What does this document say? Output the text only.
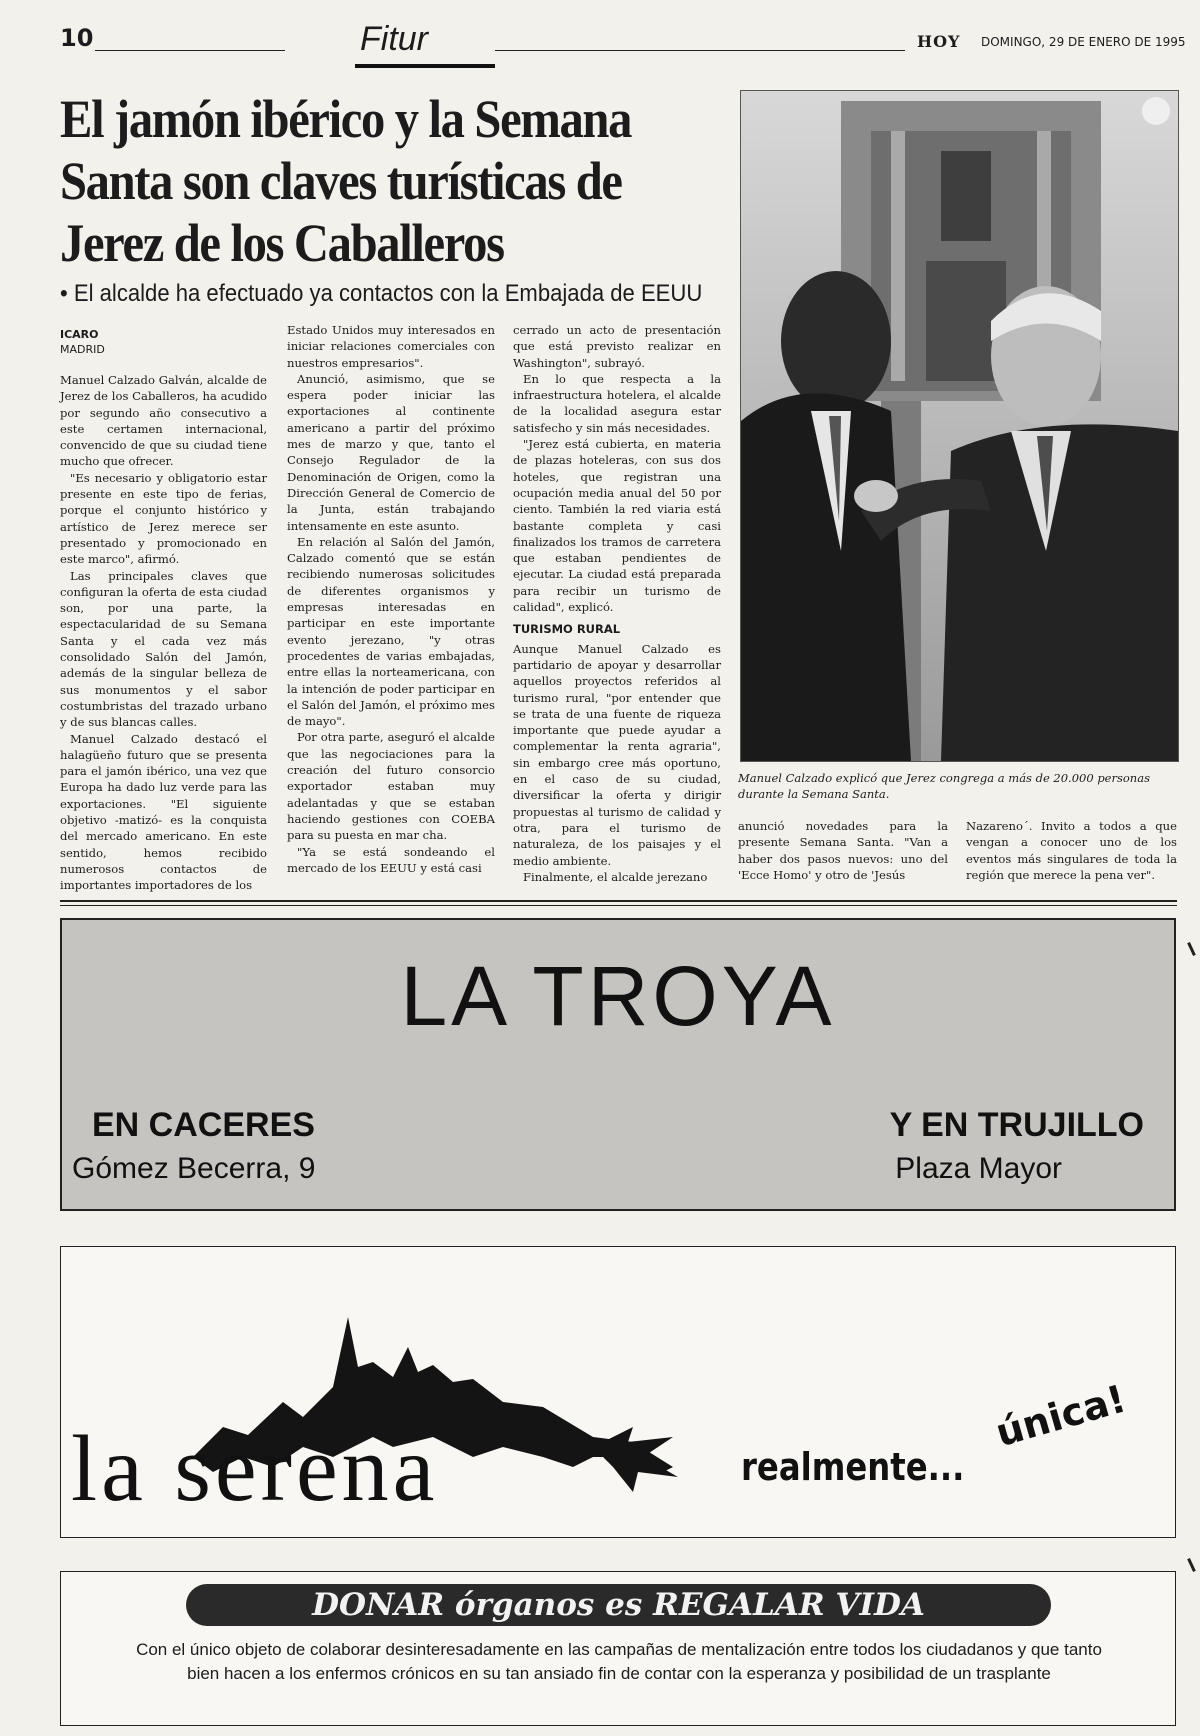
10	Fitur	HOY DOMINGO, 29 DE ENERO DE 1995
El jamón ibérico y la Semana Santa son claves turísticas de Jerez de los Caballeros
• El alcalde ha efectuado ya contactos con la Embajada de EEUU
ICARO
MADRID

Manuel Calzado Galván, alcalde de Jerez de los Caballeros, ha acudido por segundo año consecutivo a este certamen internacional, convencido de que su ciudad tiene mucho que ofrecer.

"Es necesario y obligatorio estar presente en este tipo de ferias, porque el conjunto histórico y artístico de Jerez merece ser presentado y promocionado en este marco", afirmó.

Las principales claves que configuran la oferta de esta ciudad son, por una parte, la espectacularidad de su Semana Santa y el cada vez más consolidado Salón del Jamón, además de la singular belleza de sus monumentos y el sabor costumbristas del trazado urbano y de sus blancas calles.

Manuel Calzado destacó el halagüeño futuro que se presenta para el jamón ibérico, una vez que Europa ha dado luz verde para las exportaciones. "El siguiente objetivo -matizó- es la conquista del mercado americano. En este sentido, hemos recibido numerosos contactos de importantes importadores de los

Estado Unidos muy interesados en iniciar relaciones comerciales con nuestros empresarios".

Anunció, asimismo, que se espera poder iniciar las exportaciones al continente americano a partir del próximo mes de marzo y que, tanto el Consejo Regulador de la Denominación de Origen, como la Dirección General de Comercio de la Junta, están trabajando intensamente en este asunto.

En relación al Salón del Jamón, Calzado comentó que se están recibiendo numerosas solicitudes de diferentes organismos y empresas interesadas en participar en este importante evento jerezano, "y otras procedentes de varias embajadas, entre ellas la norteamericana, con la intención de poder participar en el Salón del Jamón, el próximo mes de mayo".

Por otra parte, aseguró el alcalde que las negociaciones para la creación del futuro consorcio exportador estaban muy adelantadas y que se estaban haciendo gestiones con COEBA para su puesta en mar cha.

"Ya se está sondeando el mercado de los EEUU y está casi

cerrado un acto de presentación que está previsto realizar en Washington", subrayó.

En lo que respecta a la infraestructura hotelera, el alcalde de la localidad asegura estar satisfecho y sin más necesidades.

"Jerez está cubierta, en materia de plazas hoteleras, con sus dos hoteles, que registran una ocupación media anual del 50 por ciento. También la red viaria está bastante completa y casi finalizados los tramos de carretera que estaban pendientes de ejecutar. La ciudad está preparada para recibir un turismo de calidad", explicó.

TURISMO RURAL

Aunque Manuel Calzado es partidario de apoyar y desarrollar aquellos proyectos referidos al turismo rural, "por entender que se trata de una fuente de riqueza importante que puede ayudar a complementar la renta agraria", sin embargo cree más oportuno, en el caso de su ciudad, diversificar la oferta y dirigir propuestas al turismo de calidad y otra, para el turismo de naturaleza, de los paisajes y el medio ambiente.

Finalmente, el alcalde jerezano

Manuel Calzado explicó que Jerez congrega a más de 20.000 personas durante la Semana Santa.

anunció novedades para la presente Semana Santa. "Van a haber dos pasos nuevos: uno del 'Ecce Homo' y otro de 'Jesús

Nazareno´. Invito a todos a que vengan a conocer uno de los eventos más singulares de toda la región que merece la pena ver".

LA TROYA
EN CACERES
Gómez Becerra, 9
Y EN TRUJILLO
Plaza Mayor
la serena	realmente...
única!
DONAR órganos es REGALAR VIDA
Con el único objeto de colaborar desinteresadamente en las campañas de mentalización entre todos los ciudadanos y que tanto bien hacen a los enfermos crónicos en su tan ansiado fin de contar con la esperanza y posibilidad de un trasplante
